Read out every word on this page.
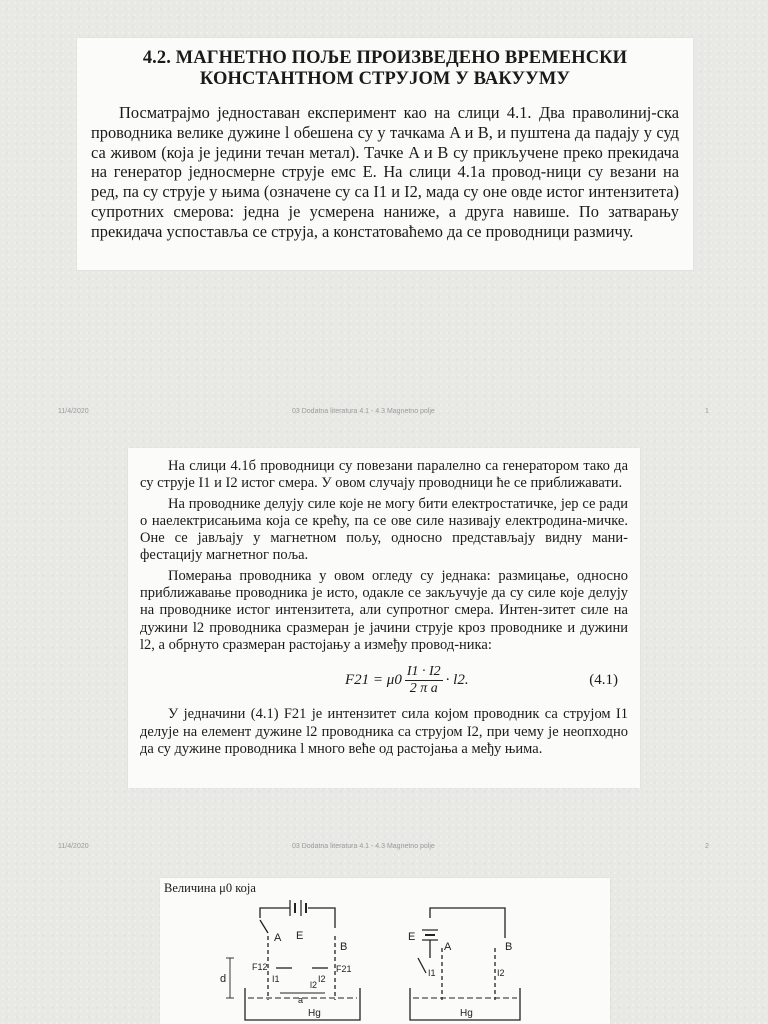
4.2. МАГНЕТНО ПОЉЕ ПРОИЗВЕДЕНО ВРЕМЕНСКИ
КОНСТАНТНОМ СТРУЈОМ У ВАКУУМУ

Посматрајмо једноставан експеримент као на слици 4.1. Два праволиниј-ска проводника велике дужине l обешена су у тачкама A и B, и пуштена да падају у суд са живом (која је једини течан метал). Тачке A и B су прикључене преко прекидача на генератор једносмерне струје емс E. На слици 4.1а провод-ници су везани на ред, па су струје у њима (означене су са I1 и I2, мада су оне овде истог интензитета) супротних смерова: једна је усмерена наниже, а друга навише. По затварању прекидача успоставља се струја, а констатоваћемо да се проводници размичу.

11/4/2020	03 Dodatna literatura 4.1 - 4.3 Magnetno polje	1

На слици 4.1б проводници су повезани паралелно са генератором тако да су струје I1 и I2 истог смера. У овом случају проводници ће се приближавати.

На проводнике делују силе које не могу бити електростатичке, јер се ради о наелектрисањима која се крећу, па се ове силе називају електродина-мичке. Оне се јављају у магнетном пољу, односно представљају видну мани-фестацију магнетног поља.

Померања проводника у овом огледу су једнака: размицање, односно приближавање проводника је исто, одакле се закључује да су силе које делују на проводнике истог интензитета, али супротног смера. Интен-зитет силе на дужини l2 проводника сразмеран је јачини струје кроз проводнике и дужини l2, а обрнуто сразмеран растојању a између провод-ника:

$F21 = \mu 0 \frac{I1 \cdot I2}{\text{2 π a}} \cdot l2$.	(4.1)

У једначини (4.1) F21 је интензитет сила којом проводник са струјом I1 делује на елемент дужине l2 проводника са струјом I2, при чему је неопходно да су дужине проводника l много веће од растојања a међу њима.

11/4/2020	03 Dodatna literatura 4.1 - 4.3 Magnetno polje	2
Величина μ0 која
A
B
E
d
F12	F21
I1	I2
l2
a
Hg
E
A	B
I1	I2
Hg
